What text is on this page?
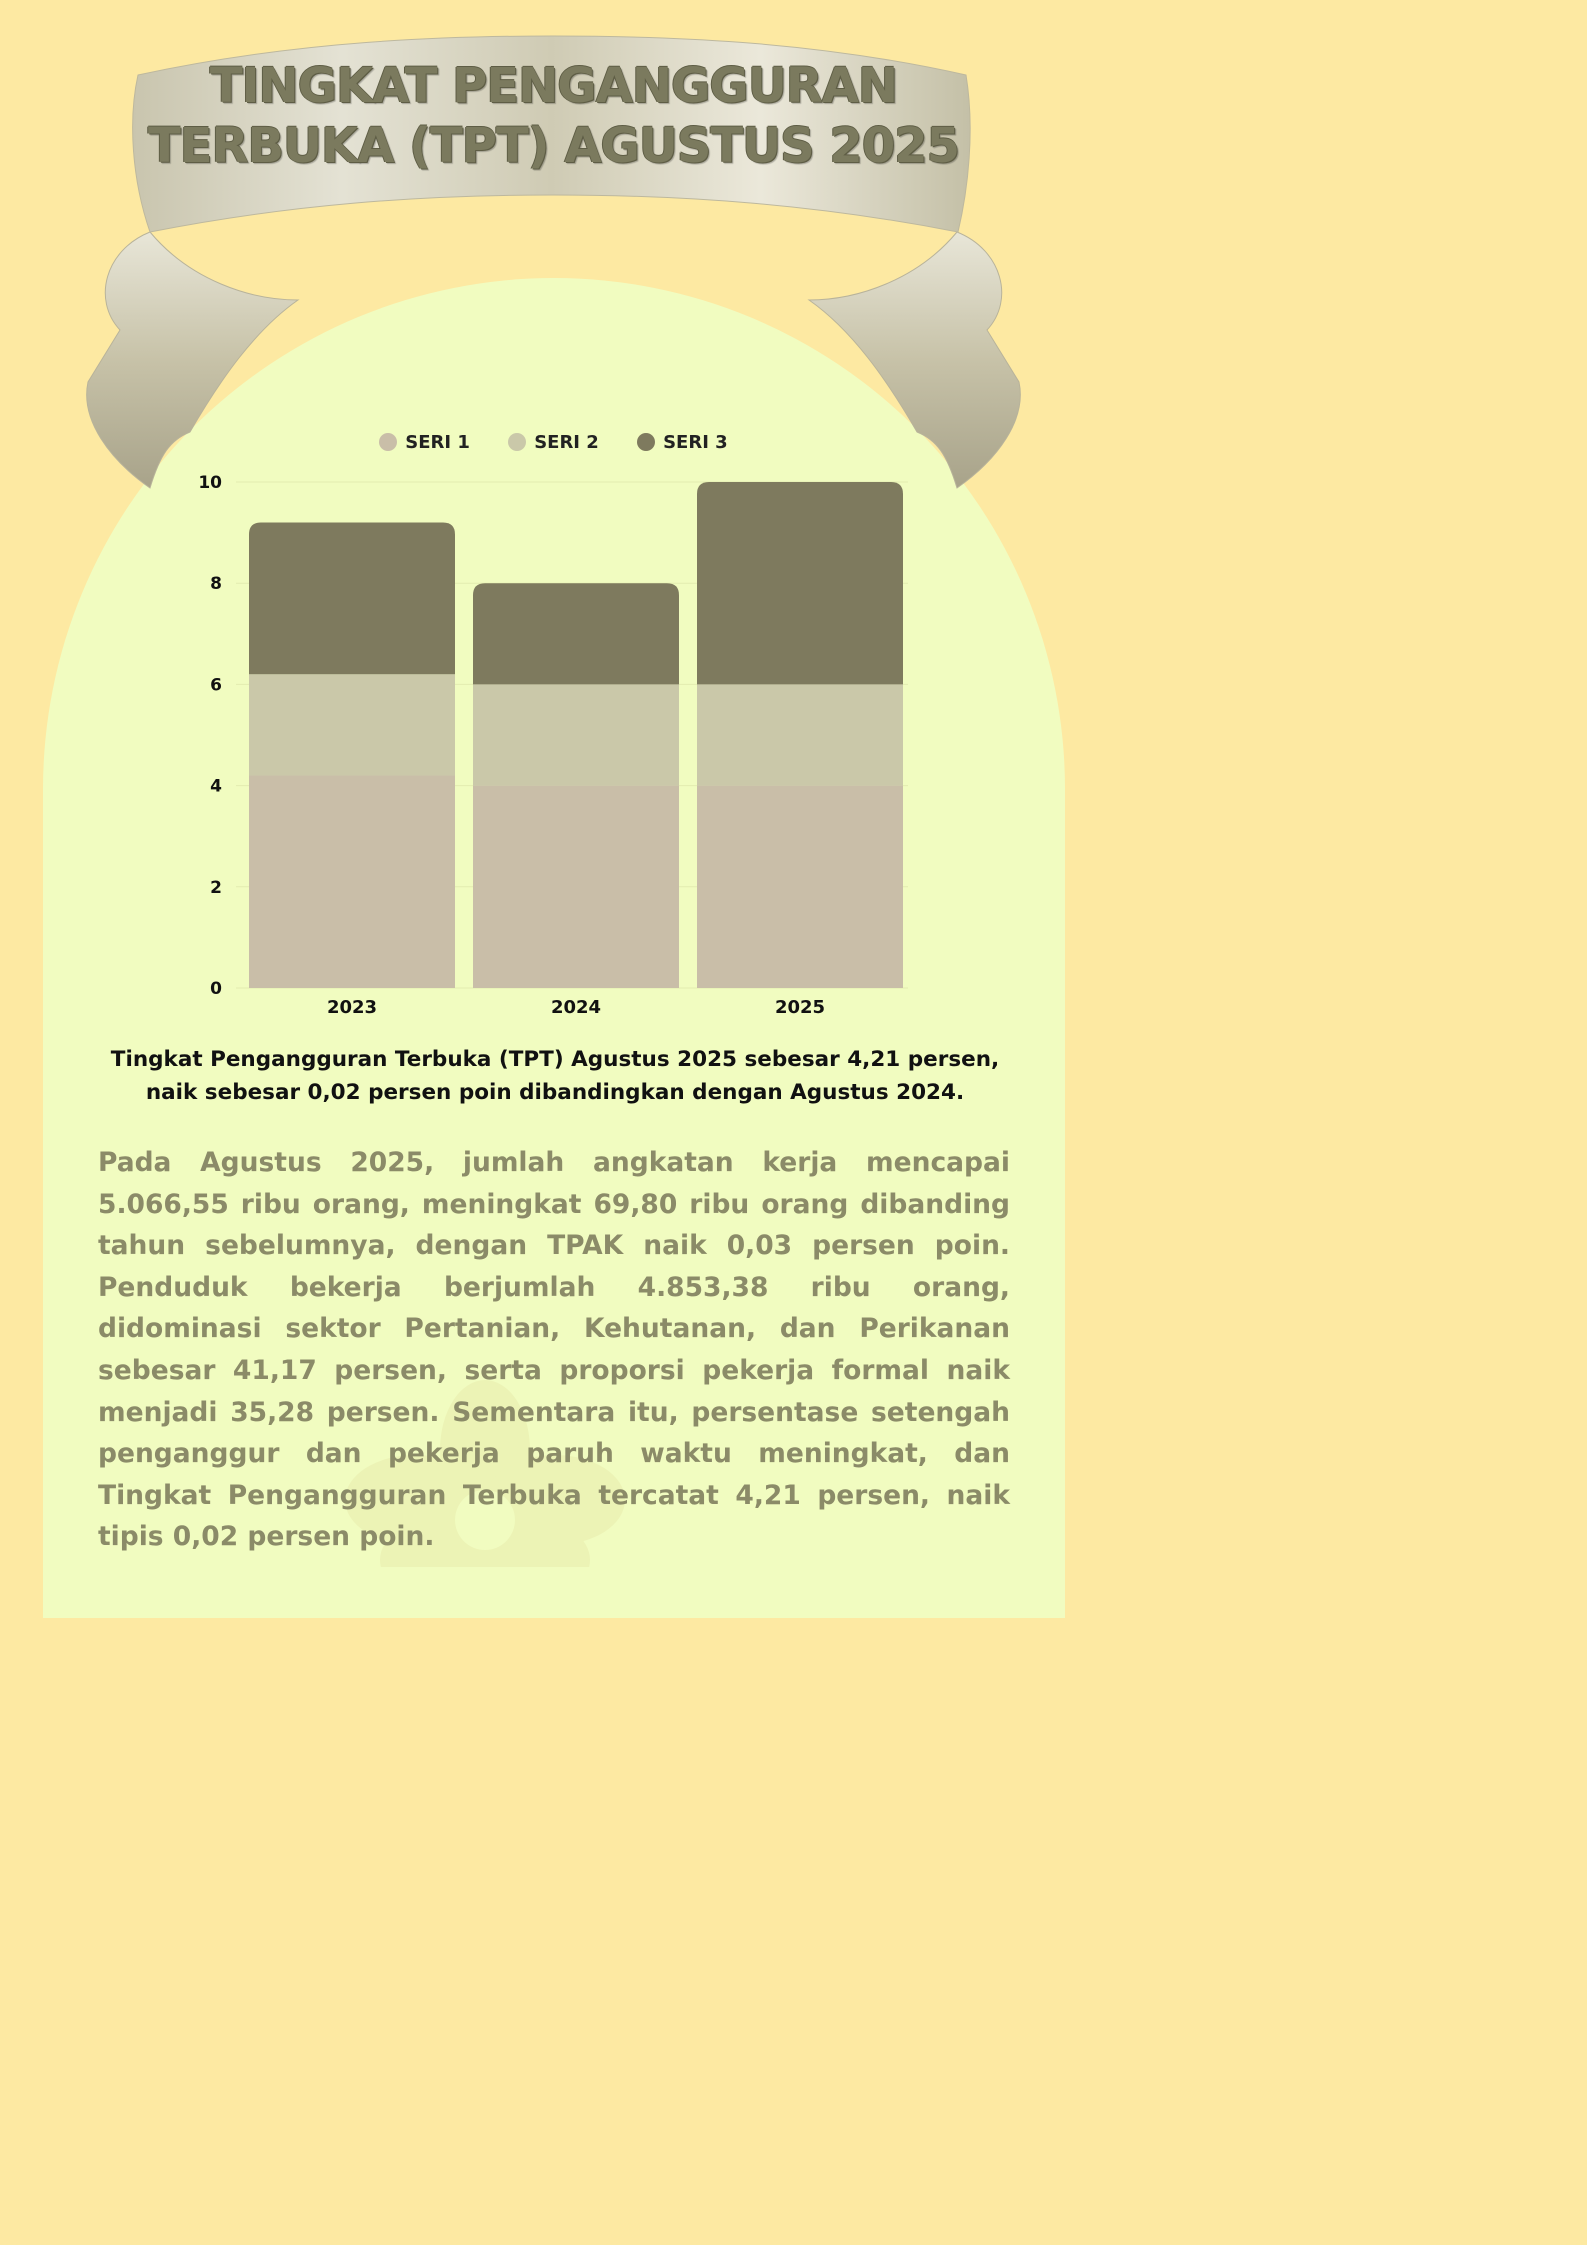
TINGKAT PENGANGGURAN
TERBUKA (TPT) AGUSTUS 2025
SERI 1	SERI 2	SERI 3
0
2
4
6
8
10
2023	2024	2025
Tingkat Pengangguran Terbuka (TPT) Agustus 2025 sebesar 4,21 persen,
naik sebesar 0,02 persen poin dibandingkan dengan Agustus 2024.
Pada Agustus 2025, jumlah angkatan kerja mencapai 5.066,55 ribu orang, meningkat 69,80 ribu orang dibanding tahun sebelumnya, dengan TPAK naik 0,03 persen poin. Penduduk bekerja berjumlah 4.853,38 ribu orang, didominasi sektor Pertanian, Kehutanan, dan Perikanan sebesar 41,17 persen, serta proporsi pekerja formal naik menjadi 35,28 persen. Sementara itu, persentase setengah penganggur dan pekerja paruh waktu meningkat, dan Tingkat Pengangguran Terbuka tercatat 4,21 persen, naik tipis 0,02 persen poin.
